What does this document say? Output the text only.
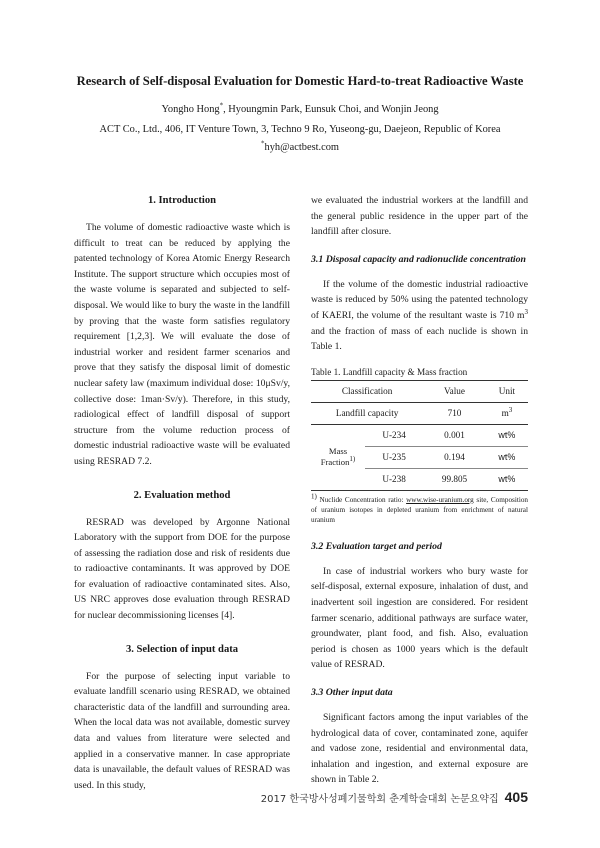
Research of Self-disposal Evaluation for Domestic Hard-to-treat Radioactive Waste
Yongho Hong*, Hyoungmin Park, Eunsuk Choi, and Wonjin Jeong
ACT Co., Ltd., 406, IT Venture Town, 3, Techno 9 Ro, Yuseong-gu, Daejeon, Republic of Korea
*hyh@actbest.com
1. Introduction

The volume of domestic radioactive waste which is difficult to treat can be reduced by applying the patented technology of Korea Atomic Energy Research Institute. The support structure which occupies most of the waste volume is separated and subjected to self-disposal. We would like to bury the waste in the landfill by proving that the waste form satisfies regulatory requirement [1,2,3]. We will evaluate the dose of industrial worker and resident farmer scenarios and prove that they satisfy the disposal limit of domestic nuclear safety law (maximum individual dose: 10μSv/y, collective dose: 1man·Sv/y). Therefore, in this study, radiological effect of landfill disposal of support structure from the volume reduction process of domestic industrial radioactive waste will be evaluated using RESRAD 7.2.

2. Evaluation method

RESRAD was developed by Argonne National Laboratory with the support from DOE for the purpose of assessing the radiation dose and risk of residents due to radioactive contaminants. It was approved by DOE for evaluation of radioactive contaminated sites. Also, US NRC approves dose evaluation through RESRAD for nuclear decommissioning licenses [4].

3. Selection of input data

For the purpose of selecting input variable to evaluate landfill scenario using RESRAD, we obtained characteristic data of the landfill and surrounding area. When the local data was not available, domestic survey data and values from literature were selected and applied in a conservative manner. In case appropriate data is unavailable, the default values of RESRAD was used. In this study,

we evaluated the industrial workers at the landfill and the general public residence in the upper part of the landfill after closure.

3.1 Disposal capacity and radionuclide concentration

If the volume of the domestic industrial radioactive waste is reduced by 50% using the patented technology of KAERI, the volume of the resultant waste is 710 $m^3$ and the fraction of mass of each nuclide is shown in Table 1.

Table 1. Landfill capacity & Mass fraction

Classification		Value	Unit
Landfill capacity		710	$m^3$
Mass
Fraction$^{1)}$	U-234	0.001	wt%
	U-235	0.194	wt%
	U-238	99.805	wt%

$^{1)}$ Nuclide Concentration ratio: www.wise-uranium.org site, Composition of uranium isotopes in depleted uranium from enrichment of natural uranium

3.2 Evaluation target and period

In case of industrial workers who bury waste for self-disposal, external exposure, inhalation of dust, and inadvertent soil ingestion are considered. For resident farmer scenario, additional pathways are surface water, groundwater, plant food, and fish. Also, evaluation period is chosen as 1000 years which is the default value of RESRAD.

3.3 Other input data

Significant factors among the input variables of the hydrological data of cover, contaminated zone, aquifer and vadose zone, residential and environmental data, inhalation and ingestion, and external exposure are shown in Table 2.

2017 한국방사성폐기물학회 춘계학술대회 논문요약집 405
